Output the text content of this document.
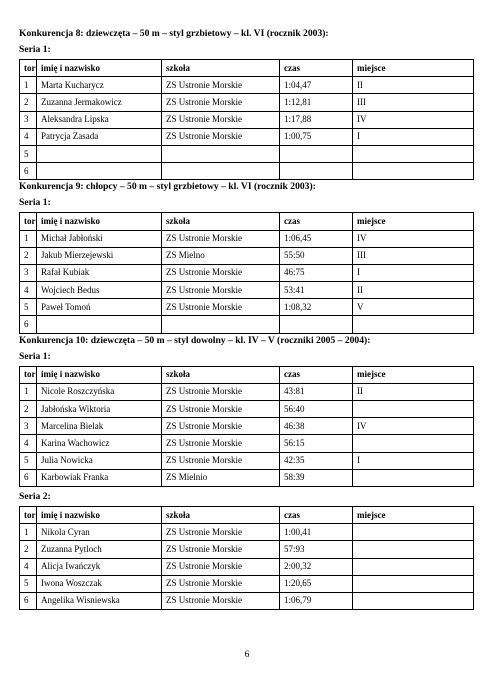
Konkurencja 8: dziewczęta – 50 m – styl grzbietowy – kl. VI (rocznik 2003):
Seria 1:
tor	imię i nazwisko	szkoła	czas	miejsce
1	Marta Kucharycz	ZS Ustronie Morskie	1:04,47	II
2	Zuzanna Jermakowicz	ZS Ustronie Morskie	1:12,81	III
3	Aleksandra Lipska	ZS Ustronie Morskie	1:17,88	IV
4	Patrycja Zasada	ZS Ustronie Morskie	1:00,75	I
5				
6				
Konkurencja 9: chłopcy – 50 m – styl grzbietowy – kl. VI (rocznik 2003):
Seria 1:
tor	imię i nazwisko	szkoła	czas	miejsce
1	Michał Jabłoński	ZS Ustronie Morskie	1:06,45	IV
2	Jakub Mierzejewski	ZS Mielno	55:50	III
3	Rafał Kubiak	ZS Ustronie Morskie	46:75	I
4	Wojciech Bedus	ZS Ustronie Morskie	53:41	II
5	Paweł Tomoń	ZS Ustronie Morskie	1:08,32	V
6				
Konkurencja 10: dziewczęta – 50 m – styl dowolny – kl. IV – V (roczniki 2005 – 2004):
Seria 1:
tor	imię i nazwisko	szkoła	czas	miejsce
1	Nicole Roszczyńska	ZS Ustronie Morskie	43:81	II
2	Jabłońska Wiktoria	ZS Ustronie Morskie	56:40	
3	Marcelina Bielak	ZS Ustronie Morskie	46:38	IV
4	Karina Wachowicz	ZS Ustronie Morskie	56:15	
5	Julia Nowicka	ZS Ustronie Morskie	42:35	I
6	Karbowiak Franka	ZS Mielnio	58:39	
Seria 2:
tor	imię i nazwisko	szkoła	czas	miejsce
1	Nikola Cyran	ZS Ustronie Morskie	1:00,41	
2	Zuzanna Pytloch	ZS Ustronie Morskie	57:93	
4	Alicja Iwańczyk	ZS Ustronie Morskie	2:00,32	
5	Iwona Woszczak	ZS Ustronie Morskie	1:20,65	
6	Angelika Wisniewska	ZS Ustronie Morskie	1:06,79	
6
